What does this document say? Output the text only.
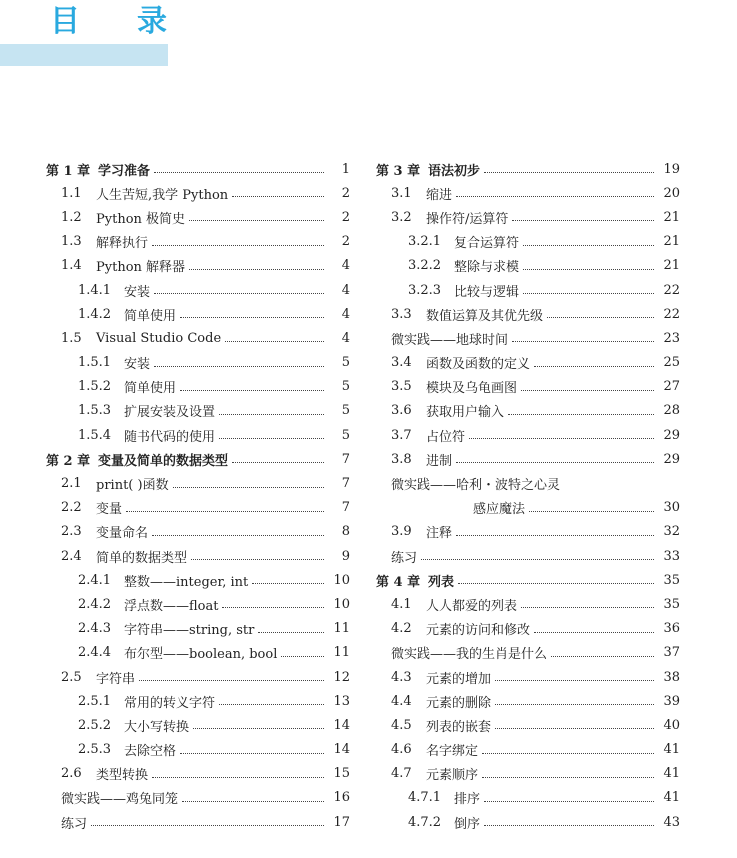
目 录
第 1 章 学习准备	1
1.1	人生苦短,我学 Python	2
1.2	Python 极简史	2
1.3	解释执行	2
1.4	Python 解释器	4
1.4.1 安装	4
1.4.2 简单使用	4
1.5	Visual Studio Code	4
1.5.1 安装	5
1.5.2 简单使用	5
1.5.3 扩展安装及设置	5
1.5.4 随书代码的使用	5
第 2 章 变量及简单的数据类型	7
2.1	print( )函数	7
2.2	变量	7
2.3	变量命名	8
2.4	简单的数据类型	9
2.4.1 整数——integer, int	10
2.4.2 浮点数——float	10
2.4.3 字符串——string, str	11
2.4.4 布尔型——boolean, bool	11
2.5	字符串	12
2.5.1 常用的转义字符	13
2.5.2 大小写转换	14
2.5.3 去除空格	14
2.6	类型转换	15
微实践——鸡兔同笼	16
练习	17
第 3 章 语法初步	19
3.1	缩进	20
3.2	操作符/运算符	21
3.2.1 复合运算符	21
3.2.2 整除与求模	21
3.2.3 比较与逻辑	22
3.3	数值运算及其优先级	22
微实践——地球时间	23
3.4	函数及函数的定义	25
3.5	模块及乌龟画图	27
3.6	获取用户输入	28
3.7	占位符	29
3.8	进制	29
微实践——哈利・波特之心灵
感应魔法	30
3.9	注释	32
练习	33
第 4 章 列表	35
4.1	人人都爱的列表	35
4.2	元素的访问和修改	36
微实践——我的生肖是什么	37
4.3	元素的增加	38
4.4	元素的删除	39
4.5	列表的嵌套	40
4.6	名字绑定	41
4.7	元素顺序	41
4.7.1 排序	41
4.7.2 倒序	43
